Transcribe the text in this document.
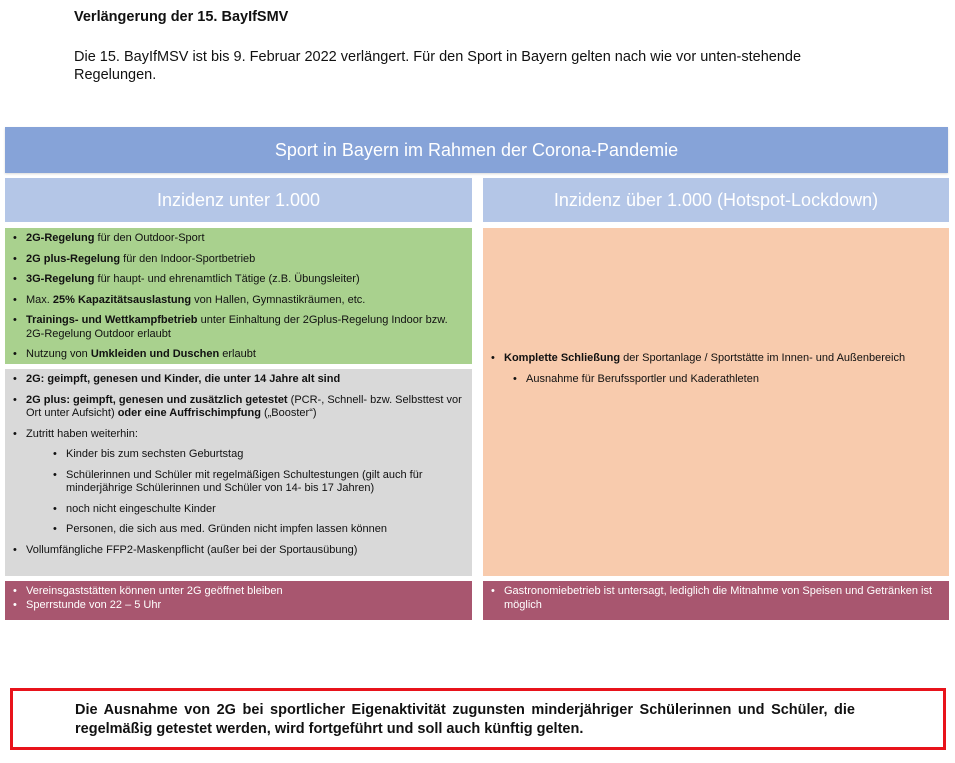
Verlängerung der 15. BayIfSMV
Die 15. BayIfMSV ist bis 9. Februar 2022 verlängert. Für den Sport in Bayern gelten nach wie vor unten-stehende Regelungen.
Sport in Bayern im Rahmen der Corona-Pandemie
Inzidenz unter 1.000	Inzidenz über 1.000 (Hotspot-Lockdown)
• 2G-Regelung für den Outdoor-Sport
• 2G plus-Regelung für den Indoor-Sportbetrieb
• 3G-Regelung für haupt- und ehrenamtlich Tätige (z.B. Übungsleiter)
• Max. 25% Kapazitätsauslastung von Hallen, Gymnastikräumen, etc.
• Trainings- und Wettkampfbetrieb unter Einhaltung der 2Gplus-Regelung Indoor bzw. 2G-Regelung Outdoor erlaubt
• Nutzung von Umkleiden und Duschen erlaubt
• 2G: geimpft, genesen und Kinder, die unter 14 Jahre alt sind
• 2G plus: geimpft, genesen und zusätzlich getestet (PCR-, Schnell- bzw. Selbsttest vor Ort unter Aufsicht) oder eine Auffrischimpfung („Booster“)
• Zutritt haben weiterhin:
• Kinder bis zum sechsten Geburtstag
• Schülerinnen und Schüler mit regelmäßigen Schultestungen (gilt auch für minderjährige Schülerinnen und Schüler von 14- bis 17 Jahren)
• noch nicht eingeschulte Kinder
• Personen, die sich aus med. Gründen nicht impfen lassen können
• Vollumfängliche FFP2-Maskenpflicht (außer bei der Sportausübung)
• Komplette Schließung der Sportanlage / Sportstätte im Innen- und Außenbereich
• Ausnahme für Berufssportler und Kaderathleten
• Vereinsgaststätten können unter 2G geöffnet bleiben
• Sperrstunde von 22 – 5 Uhr
• Gastronomiebetrieb ist untersagt, lediglich die Mitnahme von Speisen und Getränken ist möglich
Die Ausnahme von 2G bei sportlicher Eigenaktivität zugunsten minderjähriger Schülerinnen und Schüler, die regelmäßig getestet werden, wird fortgeführt und soll auch künftig gelten.
